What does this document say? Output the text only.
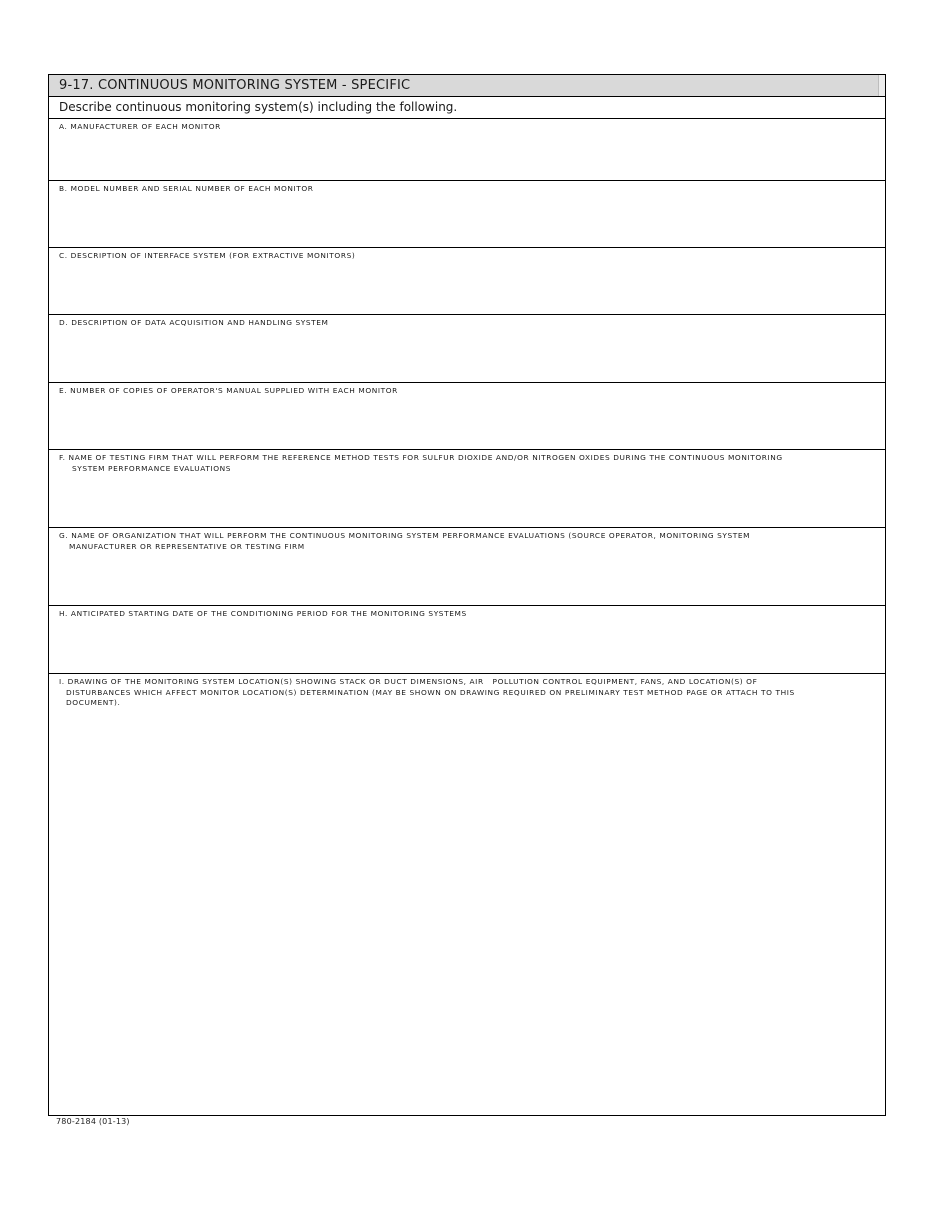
9-17. CONTINUOUS MONITORING SYSTEM - SPECIFIC
Describe continuous monitoring system(s) including the following.
A. MANUFACTURER OF EACH MONITOR
B. MODEL NUMBER AND SERIAL NUMBER OF EACH MONITOR
C. DESCRIPTION OF INTERFACE SYSTEM (FOR EXTRACTIVE MONITORS)
D. DESCRIPTION OF DATA ACQUISITION AND HANDLING SYSTEM
E. NUMBER OF COPIES OF OPERATOR'S MANUAL SUPPLIED WITH EACH MONITOR
F. NAME OF TESTING FIRM THAT WILL PERFORM THE REFERENCE METHOD TESTS FOR SULFUR DIOXIDE AND/OR NITROGEN OXIDES DURING THE CONTINUOUS MONITORING
SYSTEM PERFORMANCE EVALUATIONS
G. NAME OF ORGANIZATION THAT WILL PERFORM THE CONTINUOUS MONITORING SYSTEM PERFORMANCE EVALUATIONS (SOURCE OPERATOR, MONITORING SYSTEM
MANUFACTURER OR REPRESENTATIVE OR TESTING FIRM
H. ANTICIPATED STARTING DATE OF THE CONDITIONING PERIOD FOR THE MONITORING SYSTEMS
I. DRAWING OF THE MONITORING SYSTEM LOCATION(S) SHOWING STACK OR DUCT DIMENSIONS, AIR   POLLUTION CONTROL EQUIPMENT, FANS, AND LOCATION(S) OF
DISTURBANCES WHICH AFFECT MONITOR LOCATION(S) DETERMINATION (MAY BE SHOWN ON DRAWING REQUIRED ON PRELIMINARY TEST METHOD PAGE OR ATTACH TO THIS
DOCUMENT).
780-2184 (01-13)
